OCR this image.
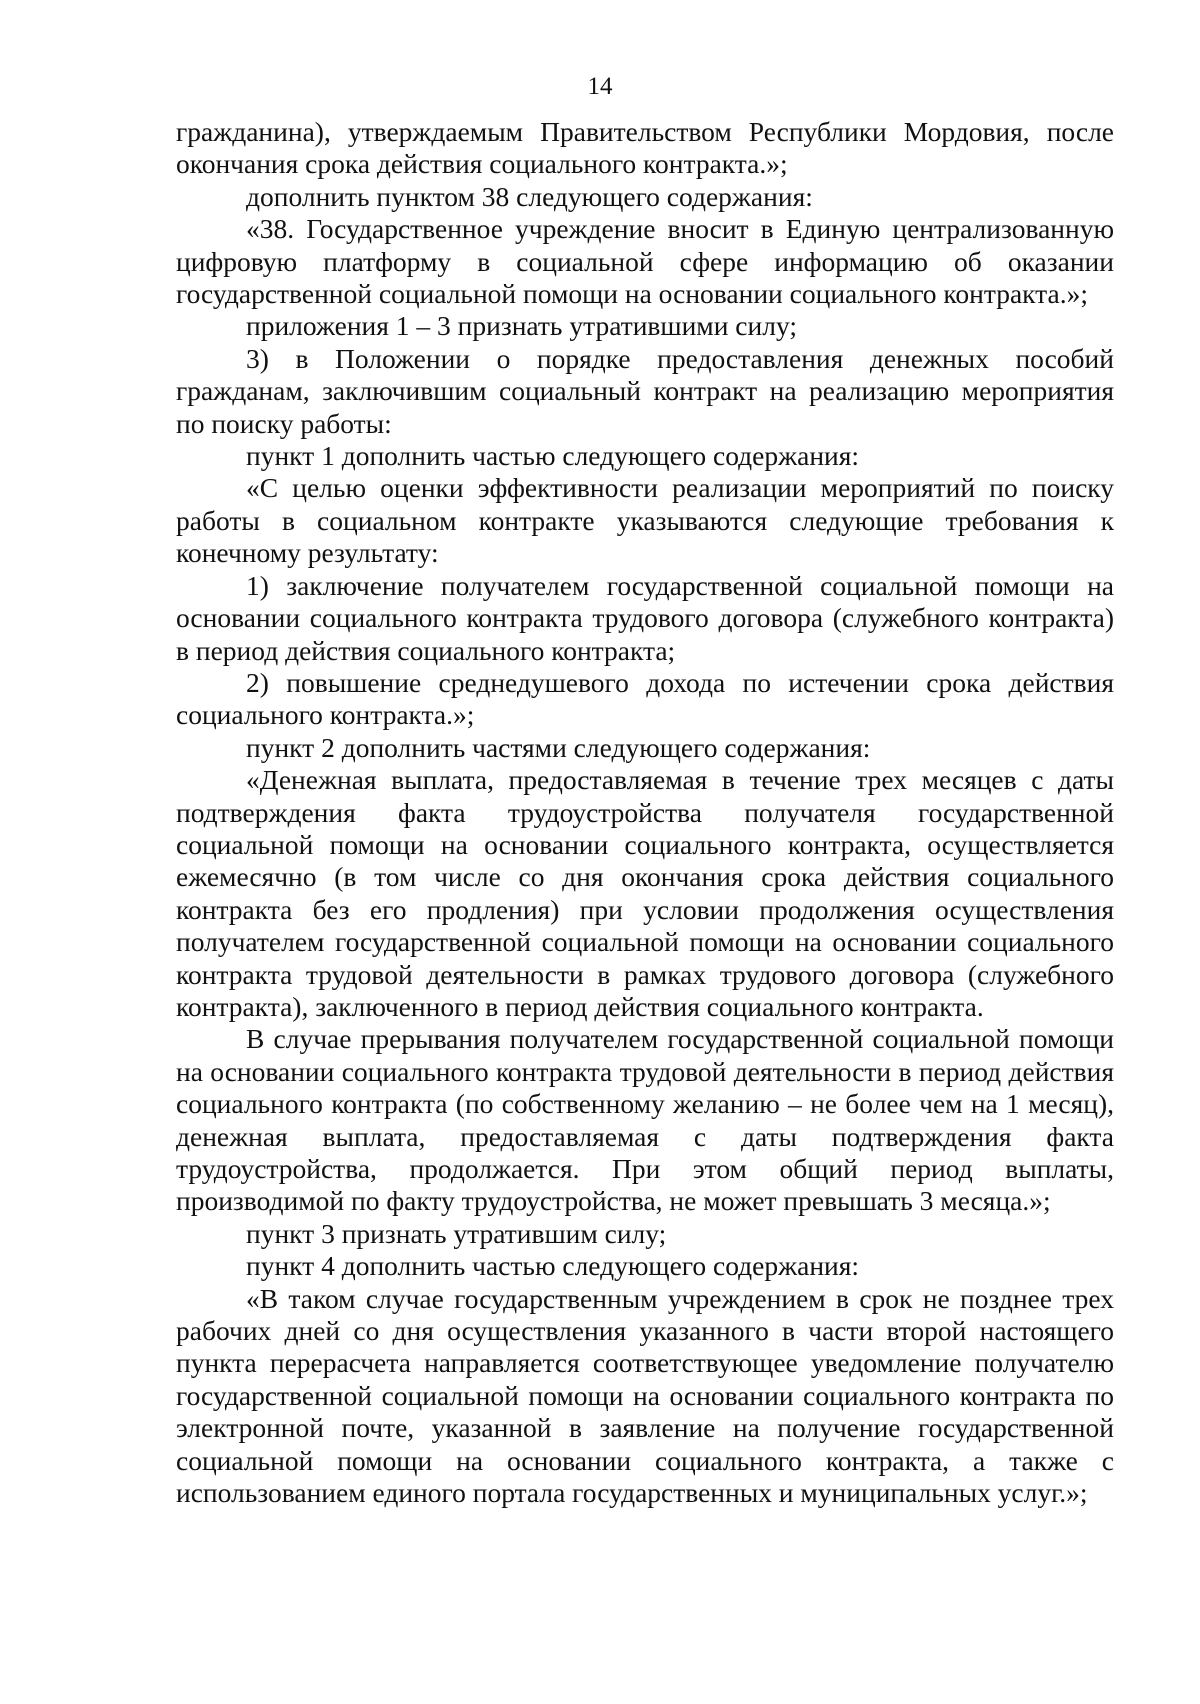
14

гражданина), утверждаемым Правительством Республики Мордовия, после окончания срока действия социального контракта.»;

дополнить пунктом 38 следующего содержания:

«38. Государственное учреждение вносит в Единую централизованную цифровую платформу в социальной сфере информацию об оказании государственной социальной помощи на основании социального контракта.»;

приложения 1 – 3 признать утратившими силу;

3) в Положении о порядке предоставления денежных пособий гражданам, заключившим социальный контракт на реализацию мероприятия по поиску работы:

пункт 1 дополнить частью следующего содержания:

«С целью оценки эффективности реализации мероприятий по поиску работы в социальном контракте указываются следующие требования к конечному результату:

1) заключение получателем государственной социальной помощи на основании социального контракта трудового договора (служебного контракта) в период действия социального контракта;

2) повышение среднедушевого дохода по истечении срока действия социального контракта.»;

пункт 2 дополнить частями следующего содержания:

«Денежная выплата, предоставляемая в течение трех месяцев с даты подтверждения факта трудоустройства получателя государственной социальной помощи на основании социального контракта, осуществляется ежемесячно (в том числе со дня окончания срока действия социального контракта без его продления) при условии продолжения осуществления получателем государственной социальной помощи на основании социального контракта трудовой деятельности в рамках трудового договора (служебного контракта), заключенного в период действия социального контракта.

В случае прерывания получателем государственной социальной помощи на основании социального контракта трудовой деятельности в период действия социального контракта (по собственному желанию – не более чем на 1 месяц), денежная выплата, предоставляемая с даты подтверждения факта трудоустройства, продолжается. При этом общий период выплаты, производимой по факту трудоустройства, не может превышать 3 месяца.»;

пункт 3 признать утратившим силу;

пункт 4 дополнить частью следующего содержания:

«В таком случае государственным учреждением в срок не позднее трех рабочих дней со дня осуществления указанного в части второй настоящего пункта перерасчета направляется соответствующее уведомление получателю государственной социальной помощи на основании социального контракта по электронной почте, указанной в заявление на получение государственной социальной помощи на основании социального контракта, а также с использованием единого портала государственных и муниципальных услуг.»;
